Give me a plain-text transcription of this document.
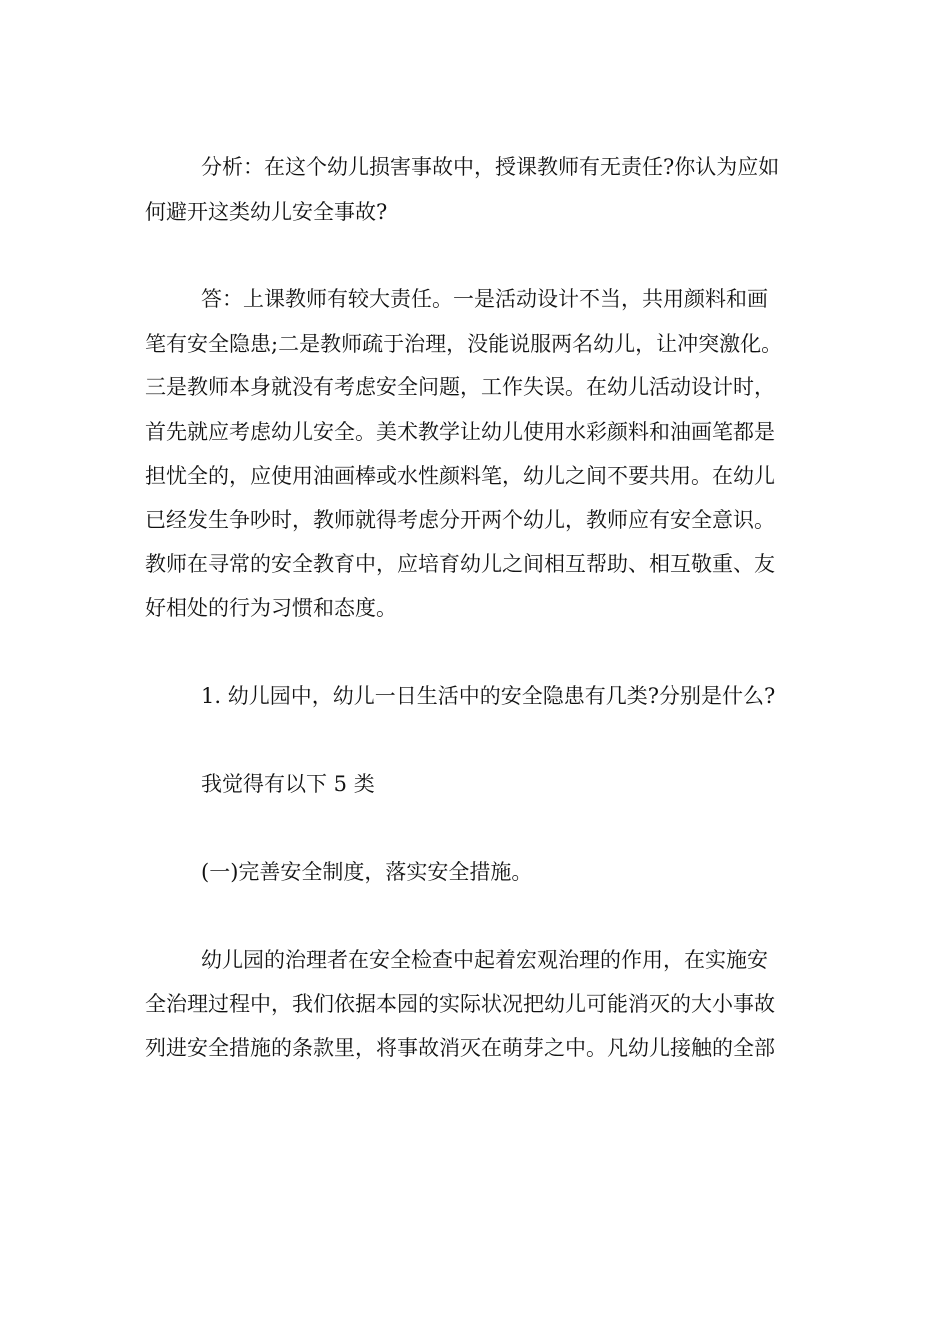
分析：在这个幼儿损害事故中，授课教师有无责任?你认为应如

何避开这类幼儿安全事故?

答：上课教师有较大责任。一是活动设计不当，共用颜料和画

笔有安全隐患;二是教师疏于治理，没能说服两名幼儿，让冲突激化。

三是教师本身就没有考虑安全问题，工作失误。在幼儿活动设计时，

首先就应考虑幼儿安全。美术教学让幼儿使用水彩颜料和油画笔都是

担忧全的，应使用油画棒或水性颜料笔，幼儿之间不要共用。在幼儿

已经发生争吵时，教师就得考虑分开两个幼儿，教师应有安全意识。

教师在寻常的安全教育中，应培育幼儿之间相互帮助、相互敬重、友

好相处的行为习惯和态度。

1. 幼儿园中，幼儿一日生活中的安全隐患有几类?分别是什么?

我觉得有以下 5 类

(一)完善安全制度，落实安全措施。

幼儿园的治理者在安全检查中起着宏观治理的作用，在实施安

全治理过程中，我们依据本园的实际状况把幼儿可能消灭的大小事故

列进安全措施的条款里，将事故消灭在萌芽之中。凡幼儿接触的全部
